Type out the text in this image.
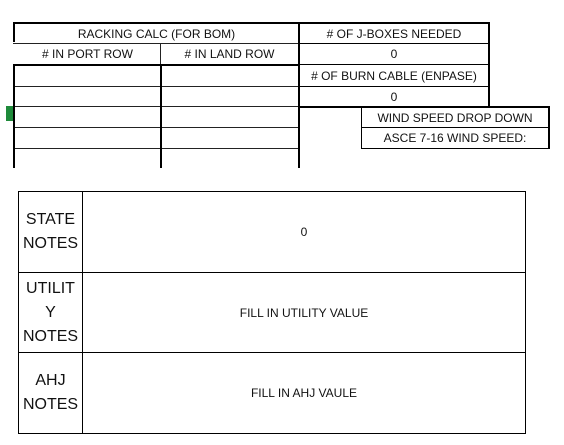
RACKING CALC (FOR BOM)
# IN PORT ROW	# IN LAND ROW
# OF J-BOXES NEEDED
0
# OF BURN CABLE (ENPASE)
0
WIND SPEED DROP DOWN
ASCE 7-16 WIND SPEED:
STATE
NOTES
0
UTILIT
Y
NOTES
FILL IN UTILITY VALUE
AHJ
NOTES
FILL IN AHJ VAULE
